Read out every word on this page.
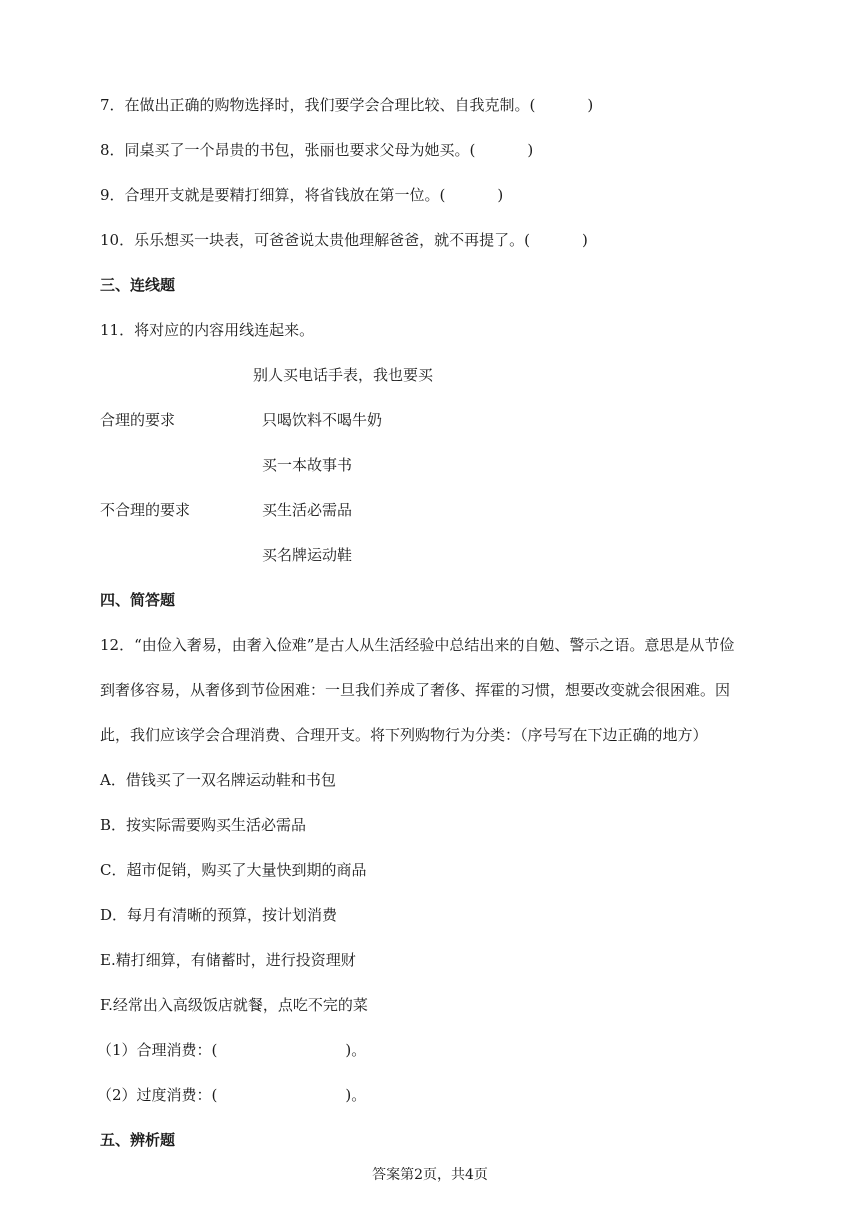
7．在做出正确的购物选择时，我们要学会合理比较、自我克制。(	)
8．同桌买了一个昂贵的书包，张丽也要求父母为她买。(	)
9．合理开支就是要精打细算，将省钱放在第一位。(	)
10．乐乐想买一块表，可爸爸说太贵他理解爸爸，就不再提了。(	)
三、连线题
11．将对应的内容用线连起来。
别人买电话手表，我也要买
合理的要求	只喝饮料不喝牛奶
买一本故事书
不合理的要求	买生活必需品
买名牌运动鞋
四、简答题
12．“由俭入奢易，由奢入俭难”是古人从生活经验中总结出来的自勉、警示之语。意思是从节俭
到奢侈容易，从奢侈到节俭困难：一旦我们养成了奢侈、挥霍的习惯，想要改变就会很困难。因
此，我们应该学会合理消费、合理开支。将下列购物行为分类：（序号写在下边正确的地方）
A．借钱买了一双名牌运动鞋和书包
B．按实际需要购买生活必需品
C．超市促销，购买了大量快到期的商品
D．每月有清晰的预算，按计划消费
E.精打细算，有储蓄时，进行投资理财
F.经常出入高级饭店就餐，点吃不完的菜
（1）合理消费：(	)。
（2）过度消费：(	)。
五、辨析题
答案第2页，共4页
